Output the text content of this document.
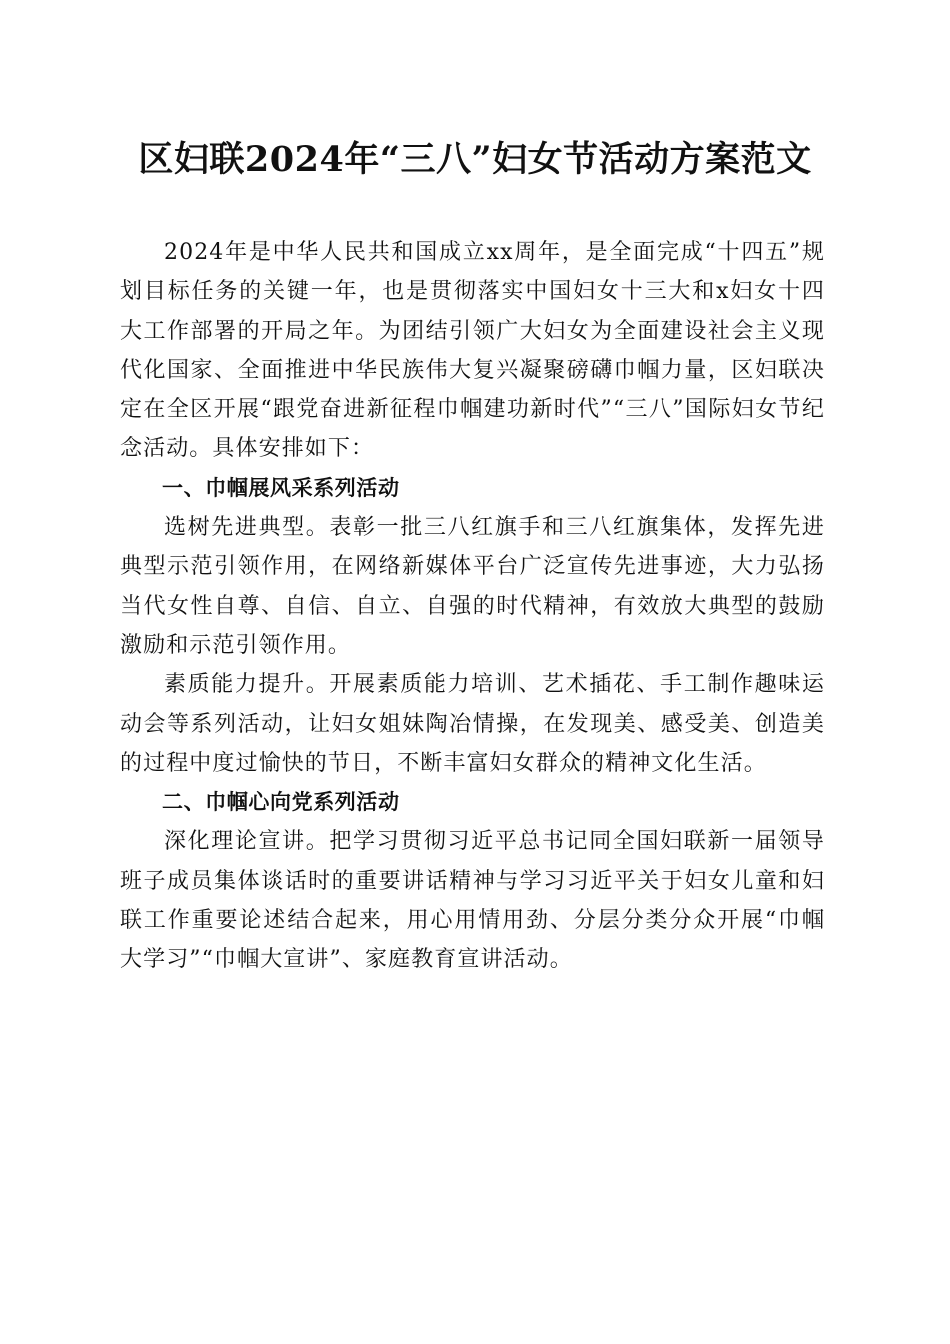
区妇联2024年“三八”妇女节活动方案范文

2024年是中华人民共和国成立xx周年，是全面完成“十四五”规划目标任务的关键一年，也是贯彻落实中国妇女十三大和x妇女十四大工作部署的开局之年。为团结引领广大妇女为全面建设社会主义现代化国家、全面推进中华民族伟大复兴凝聚磅礴巾帼力量，区妇联决定在全区开展“跟党奋进新征程巾帼建功新时代”“三八”国际妇女节纪念活动。具体安排如下：

一、巾帼展风采系列活动

选树先进典型。表彰一批三八红旗手和三八红旗集体，发挥先进典型示范引领作用，在网络新媒体平台广泛宣传先进事迹，大力弘扬当代女性自尊、自信、自立、自强的时代精神，有效放大典型的鼓励激励和示范引领作用。

素质能力提升。开展素质能力培训、艺术插花、手工制作趣味运动会等系列活动，让妇女姐妹陶冶情操，在发现美、感受美、创造美的过程中度过愉快的节日，不断丰富妇女群众的精神文化生活。

二、巾帼心向党系列活动

深化理论宣讲。把学习贯彻习近平总书记同全国妇联新一届领导班子成员集体谈话时的重要讲话精神与学习习近平关于妇女儿童和妇联工作重要论述结合起来，用心用情用劲、分层分类分众开展“巾帼大学习”“巾帼大宣讲”、家庭教育宣讲活动。
